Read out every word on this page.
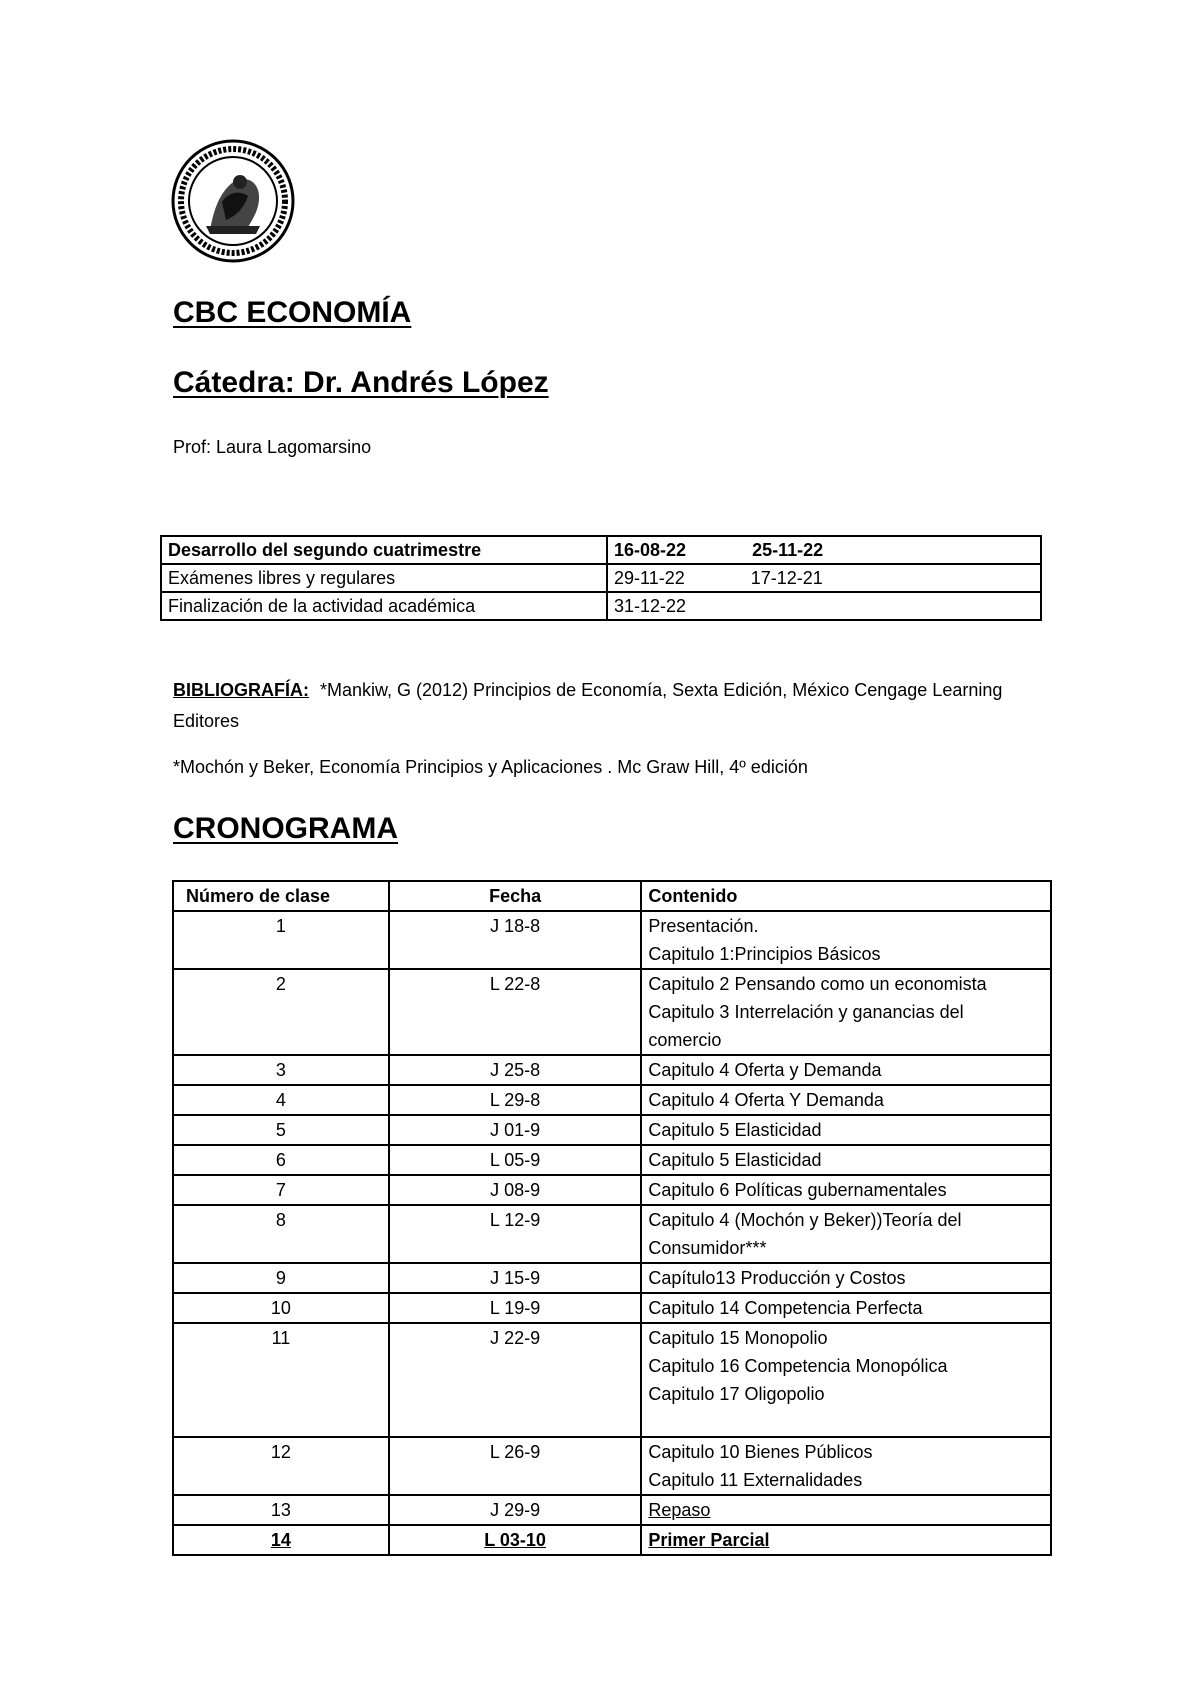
CBC ECONOMÍA
Cátedra: Dr. Andrés López
Prof: Laura Lagomarsino
Desarrollo del segundo cuatrimestre	16-08-22 25-11-22
Exámenes libres y regulares	29-11-22 17-12-21
Finalización de la actividad académica	31-12-22
BIBLIOGRAFÍA: *Mankiw, G (2012) Principios de Economía, Sexta Edición, México Cengage Learning Editores
*Mochón y Beker, Economía Principios y Aplicaciones . Mc Graw Hill, 4º edición
CRONOGRAMA
Número de clase	Fecha	Contenido
1	J 18-8	Presentación.
Capitulo 1:Principios Básicos

2	L 22-8	Capitulo 2 Pensando como un economista
Capitulo 3 Interrelación y ganancias del
comercio

3	J 25-8	Capitulo 4 Oferta y Demanda

4	L 29-8	Capitulo 4 Oferta Y Demanda

5	J 01-9	Capitulo 5 Elasticidad

6	L 05-9	Capitulo 5 Elasticidad

7	J 08-9	Capitulo 6 Políticas gubernamentales

8	L 12-9	Capitulo 4 (Mochón y Beker))Teoría del
Consumidor***

9	J 15-9	Capítulo13 Producción y Costos

10	L 19-9	Capitulo 14 Competencia Perfecta

11	J 22-9	Capitulo 15 Monopolio
Capitulo 16 Competencia Monopólica
Capitulo 17 Oligopolio

12	L 26-9	Capitulo 10 Bienes Públicos
Capitulo 11 Externalidades

13	J 29-9	Repaso

14	L 03-10	Primer Parcial
